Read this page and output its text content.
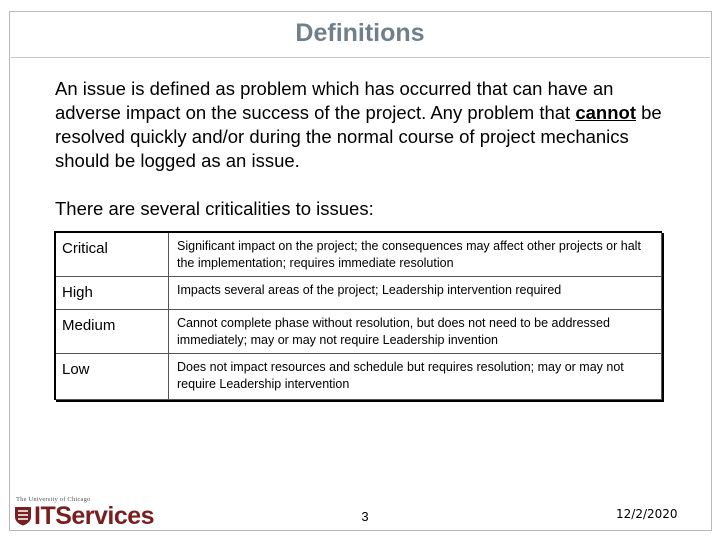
Definitions
An issue is defined as problem which has occurred that can have an adverse impact on the success of the project. Any problem that cannot be resolved quickly and/or during the normal course of project mechanics should be logged as an issue.
There are several criticalities to issues:
Critical	Significant impact on the project; the consequences may affect other projects or halt the implementation; requires immediate resolution
High	Impacts several areas of the project; Leadership intervention required
Medium	Cannot complete phase without resolution, but does not need to be addressed immediately; may or may not require Leadership invention
Low	Does not impact resources and schedule but requires resolution; may or may not require Leadership intervention
The University of Chicago
ITServices	3	12/2/2020
